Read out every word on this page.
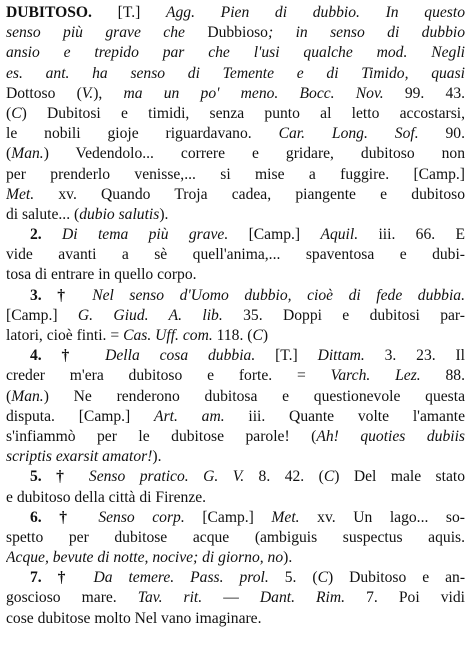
DUBITOSO. [T.] Agg. Pien di dubbio. In questo
senso più grave che Dubbioso; in senso di dubbio
ansio e trepido par che l'usi qualche mod. Negli
es. ant. ha senso di Temente e di Timido, quasi
Dottoso (V.), ma un po' meno. Bocc. Nov. 99. 43.
(C) Dubitosi e timidi, senza punto al letto accostarsi,
le nobili gioje riguardavano. Car. Long. Sof. 90.
(Man.) Vedendolo... correre e gridare, dubitoso non
per prenderlo venisse,... si mise a fuggire. [Camp.]
Met. xv. Quando Troja cadea, piangente e dubitoso
di salute... (dubio salutis).
2. Di tema più grave. [Camp.] Aquil. iii. 66. E
vide avanti a sè quell'anima,... spaventosa e dubi-
tosa di entrare in quello corpo.
3. † Nel senso d'Uomo dubbio, cioè di fede dubbia.
[Camp.] G. Giud. A. lib. 35. Doppi e dubitosi par-
latori, cioè finti. = Cas. Uff. com. 118. (C)
4. † Della cosa dubbia. [T.] Dittam. 3. 23. Il
creder m'era dubitoso e forte. = Varch. Lez. 88.
(Man.) Ne renderono dubitosa e questionevole questa
disputa. [Camp.] Art. am. iii. Quante volte l'amante
s'infiammò per le dubitose parole! (Ah! quoties dubiis
scriptis exarsit amator!).
5. † Senso pratico. G. V. 8. 42. (C) Del male stato
e dubitoso della città di Firenze.
6. † Senso corp. [Camp.] Met. xv. Un lago... so-
spetto per dubitose acque (ambiguis suspectus aquis.
Acque, bevute di notte, nocive; di giorno, no).
7. † Da temere. Pass. prol. 5. (C) Dubitoso e an-
goscioso mare. Tav. rit. — Dant. Rim. 7. Poi vidi
cose dubitose molto Nel vano imaginare.
